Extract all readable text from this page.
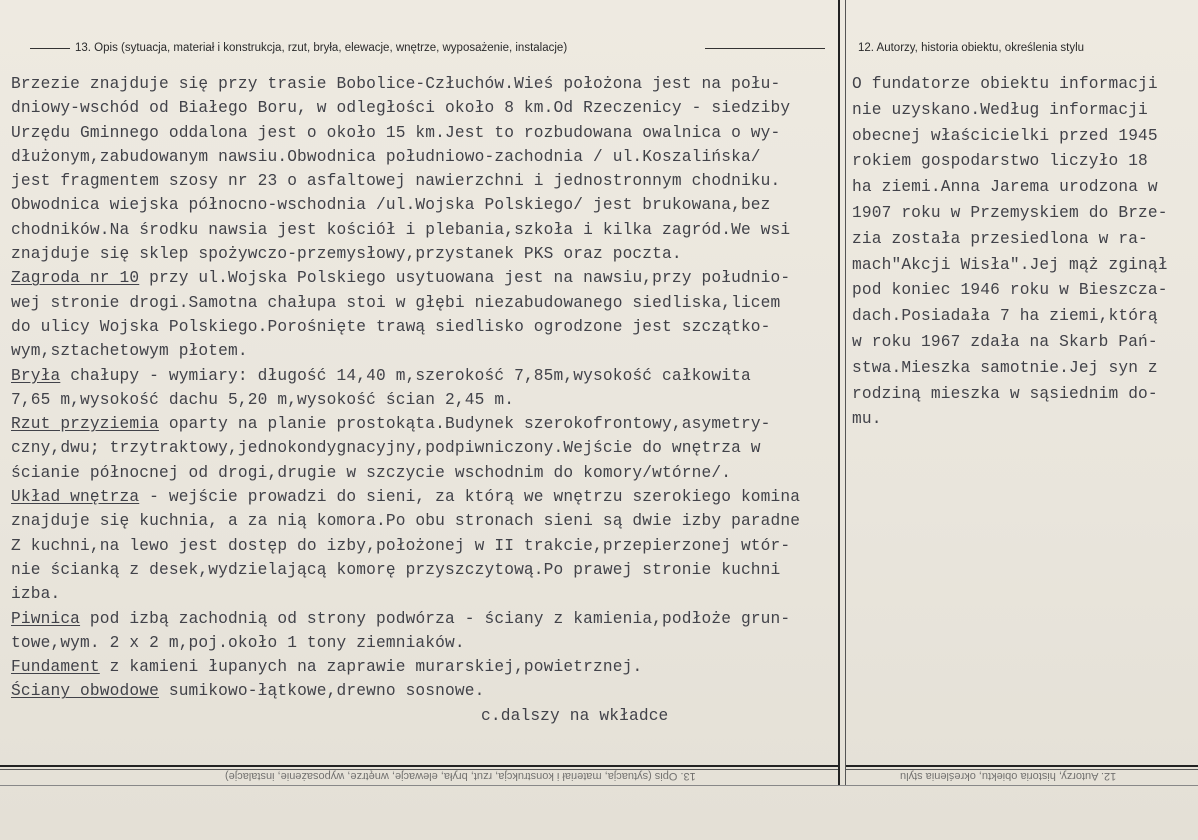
13. Opis (sytuacja, materiał i konstrukcja, rzut, bryła, elewacje, wnętrze, wyposażenie, instalacje)	12. Autorzy, historia obiektu, określenia stylu
Brzezie znajduje się przy trasie Bobolice-Człuchów.Wieś położona jest na połu-
dniowy-wschód od Białego Boru, w odległości około 8 km.Od Rzeczenicy - siedziby
Urzędu Gminnego oddalona jest o około 15 km.Jest to rozbudowana owalnica o wy-
dłużonym,zabudowanym nawsiu.Obwodnica południowo-zachodnia / ul.Koszalińska/
jest fragmentem szosy nr 23 o asfaltowej nawierzchni i jednostronnym chodniku.
Obwodnica wiejska północno-wschodnia /ul.Wojska Polskiego/ jest brukowana,bez
chodników.Na środku nawsia jest kościół i plebania,szkoła i kilka zagród.We wsi
znajduje się sklep spożywczo-przemysłowy,przystanek PKS oraz poczta.
Zagroda nr 10 przy ul.Wojska Polskiego usytuowana jest na nawsiu,przy południo-
wej stronie drogi.Samotna chałupa stoi w głębi niezabudowanego siedliska,licem
do ulicy Wojska Polskiego.Porośnięte trawą siedlisko ogrodzone jest szczątko-
wym,sztachetowym płotem.
Bryła chałupy - wymiary: długość 14,40 m,szerokość 7,85m,wysokość całkowita
7,65 m,wysokość dachu 5,20 m,wysokość ścian 2,45 m.
Rzut przyziemia oparty na planie prostokąta.Budynek szerokofrontowy,asymetry-
czny,dwu; trzytraktowy,jednokondygnacyjny,podpiwniczony.Wejście do wnętrza w
ścianie północnej od drogi,drugie w szczycie wschodnim do komory/wtórne/.
Układ wnętrza - wejście prowadzi do sieni, za którą we wnętrzu szerokiego komina
znajduje się kuchnia, a za nią komora.Po obu stronach sieni są dwie izby paradne
Z kuchni,na lewo jest dostęp do izby,położonej w II trakcie,przepierzonej wtór-
nie ścianką z desek,wydzielającą komorę przyszczytową.Po prawej stronie kuchni
izba.
Piwnica pod izbą zachodnią od strony podwórza - ściany z kamienia,podłoże grun-
towe,wym. 2 x 2 m,poj.około 1 tony ziemniaków.
Fundament z kamieni łupanych na zaprawie murarskiej,powietrznej.
Ściany obwodowe sumikowo-łątkowe,drewno sosnowe.
c.dalszy na wkładce
O fundatorze obiektu informacji
nie uzyskano.Według informacji
obecnej właścicielki przed 1945
rokiem gospodarstwo liczyło 18
ha ziemi.Anna Jarema urodzona w
1907 roku w Przemyskiem do Brze-
zia została przesiedlona w ra-
mach"Akcji Wisła".Jej mąż zginął
pod koniec 1946 roku w Bieszcza-
dach.Posiadała 7 ha ziemi,którą
w roku 1967 zdała na Skarb Pań-
stwa.Mieszka samotnie.Jej syn z
rodziną mieszka w sąsiednim do-
mu.
13. Opis (sytuacja, materiał i konstrukcja, rzut, bryła, elewacje, wnętrze, wyposażenie, instalacje)	12. Autorzy, historia obiektu, określenia stylu
